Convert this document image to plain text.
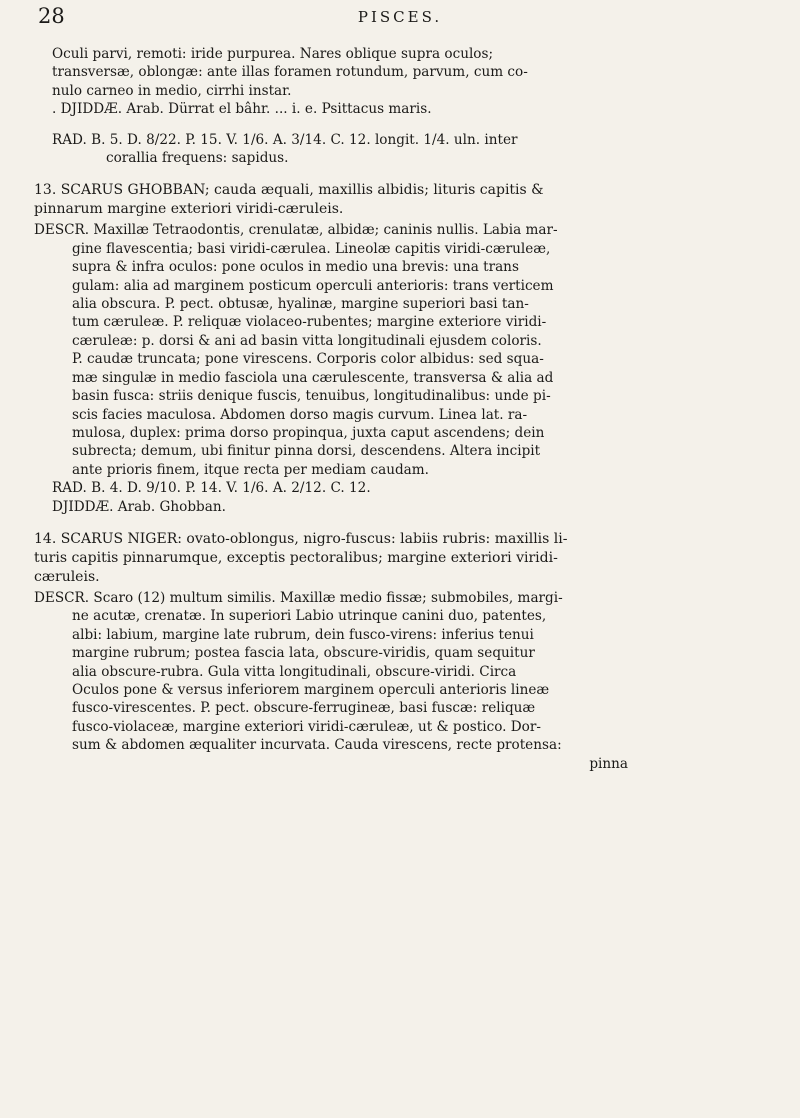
28	PISCES.

Oculi parvi, remoti: iride purpurea. Nares oblique supra oculos;

transversæ, oblongæ: ante illas foramen rotundum, parvum, cum co-

nulo carneo in medio, cirrhi instar.

. DJIDDÆ. Arab. Dürrat el bâhr. ... i. e. Psittacus maris.

RAD. B. 5. D. 8/22. P. 15. V. 1/6. A. 3/14. C. 12. longit. 1/4. uln. inter

corallia frequens: sapidus.

13. SCARUS GHOBBAN; cauda æquali, maxillis albidis; lituris capitis &

pinnarum margine exteriori viridi-cæruleis.

DESCR. Maxillæ Tetraodontis, crenulatæ, albidæ; caninis nullis. Labia mar-

gine flavescentia; basi viridi-cærulea. Lineolæ capitis viridi-cæruleæ,

supra & infra oculos: pone oculos in medio una brevis: una trans

gulam: alia ad marginem posticum operculi anterioris: trans verticem

alia obscura. P. pect. obtusæ, hyalinæ, margine superiori basi tan-

tum cæruleæ. P. reliquæ violaceo-rubentes; margine exteriore viridi-

cæruleæ: p. dorsi & ani ad basin vitta longitudinali ejusdem coloris.

P. caudæ truncata; pone virescens. Corporis color albidus: sed squa-

mæ singulæ in medio fasciola una cærulescente, transversa & alia ad

basin fusca: striis denique fuscis, tenuibus, longitudinalibus: unde pi-

scis facies maculosa. Abdomen dorso magis curvum. Linea lat. ra-

mulosa, duplex: prima dorso propinqua, juxta caput ascendens; dein

subrecta; demum, ubi finitur pinna dorsi, descendens. Altera incipit

ante prioris finem, itque recta per mediam caudam.

RAD. B. 4. D. 9/10. P. 14. V. 1/6. A. 2/12. C. 12.

DJIDDÆ. Arab. Ghobban.

14. SCARUS NIGER: ovato-oblongus, nigro-fuscus: labiis rubris: maxillis li-

turis capitis pinnarumque, exceptis pectoralibus; margine exteriori viridi-

cæruleis.

DESCR. Scaro (12) multum similis. Maxillæ medio fissæ; submobiles, margi-

ne acutæ, crenatæ. In superiori Labio utrinque canini duo, patentes,

albi: labium, margine late rubrum, dein fusco-virens: inferius tenui

margine rubrum; postea fascia lata, obscure-viridis, quam sequitur

alia obscure-rubra. Gula vitta longitudinali, obscure-viridi. Circa

Oculos pone & versus inferiorem marginem operculi anterioris lineæ

fusco-virescentes. P. pect. obscure-ferrugineæ, basi fuscæ: reliquæ

fusco-violaceæ, margine exteriori viridi-cæruleæ, ut & postico. Dor-

sum & abdomen æqualiter incurvata. Cauda virescens, recte protensa:

pinna
